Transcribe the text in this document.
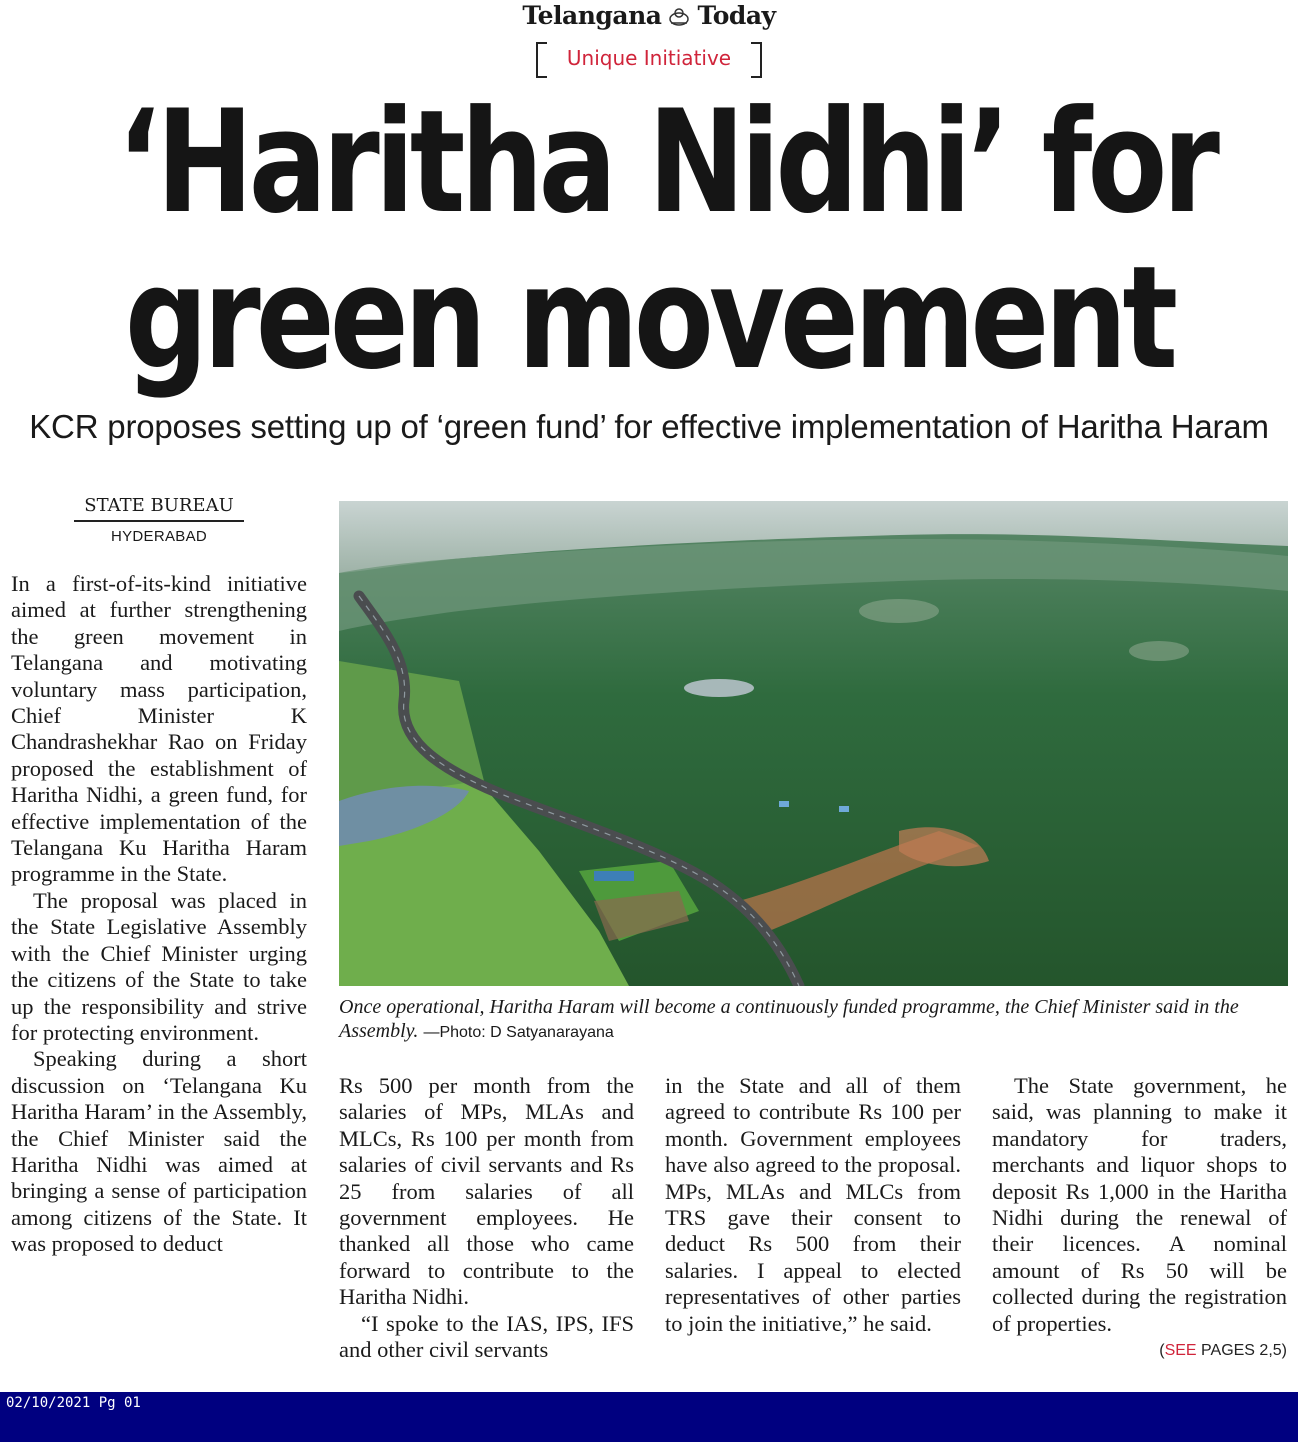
Telangana Today
Unique Initiative
‘Haritha Nidhi’ for
green movement
KCR proposes setting up of ‘green fund’ for effective implementation of Haritha Haram
STATE BUREAU
HYDERABAD

In a first-of-its-kind initiative aimed at further strengthening the green movement in Telangana and motivating voluntary mass participation, Chief Minister K Chandrashekhar Rao on Friday proposed the establishment of Haritha Nidhi, a green fund, for effective implementation of the Telangana Ku Haritha Haram programme in the State.

The proposal was placed in the State Legislative Assembly with the Chief Minister urging the citizens of the State to take up the responsibility and strive for protecting environment.

Speaking during a short discussion on ‘Telangana Ku Haritha Haram’ in the Assembly, the Chief Minister said the Haritha Nidhi was aimed at bringing a sense of participation among citizens of the State. It was proposed to deduct

Once operational, Haritha Haram will become a continuously funded programme, the Chief Minister said in the Assembly. —Photo: D Satyanarayana

Rs 500 per month from the salaries of MPs, MLAs and MLCs, Rs 100 per month from salaries of civil servants and Rs 25 from salaries of all government employees. He thanked all those who came forward to contribute to the Haritha Nidhi.

“I spoke to the IAS, IPS, IFS and other civil servants

in the State and all of them agreed to contribute Rs 100 per month. Government employees have also agreed to the proposal. MPs, MLAs and MLCs from TRS gave their consent to deduct Rs 500 from their salaries. I appeal to elected representatives of other parties to join the initiative,” he said.

The State government, he said, was planning to make it mandatory for traders, merchants and liquor shops to deposit Rs 1,000 in the Haritha Nidhi during the renewal of their licences. A nominal amount of Rs 50 will be collected during the registration of properties.

(SEE PAGES 2,5)
02/10/2021 Pg 01
